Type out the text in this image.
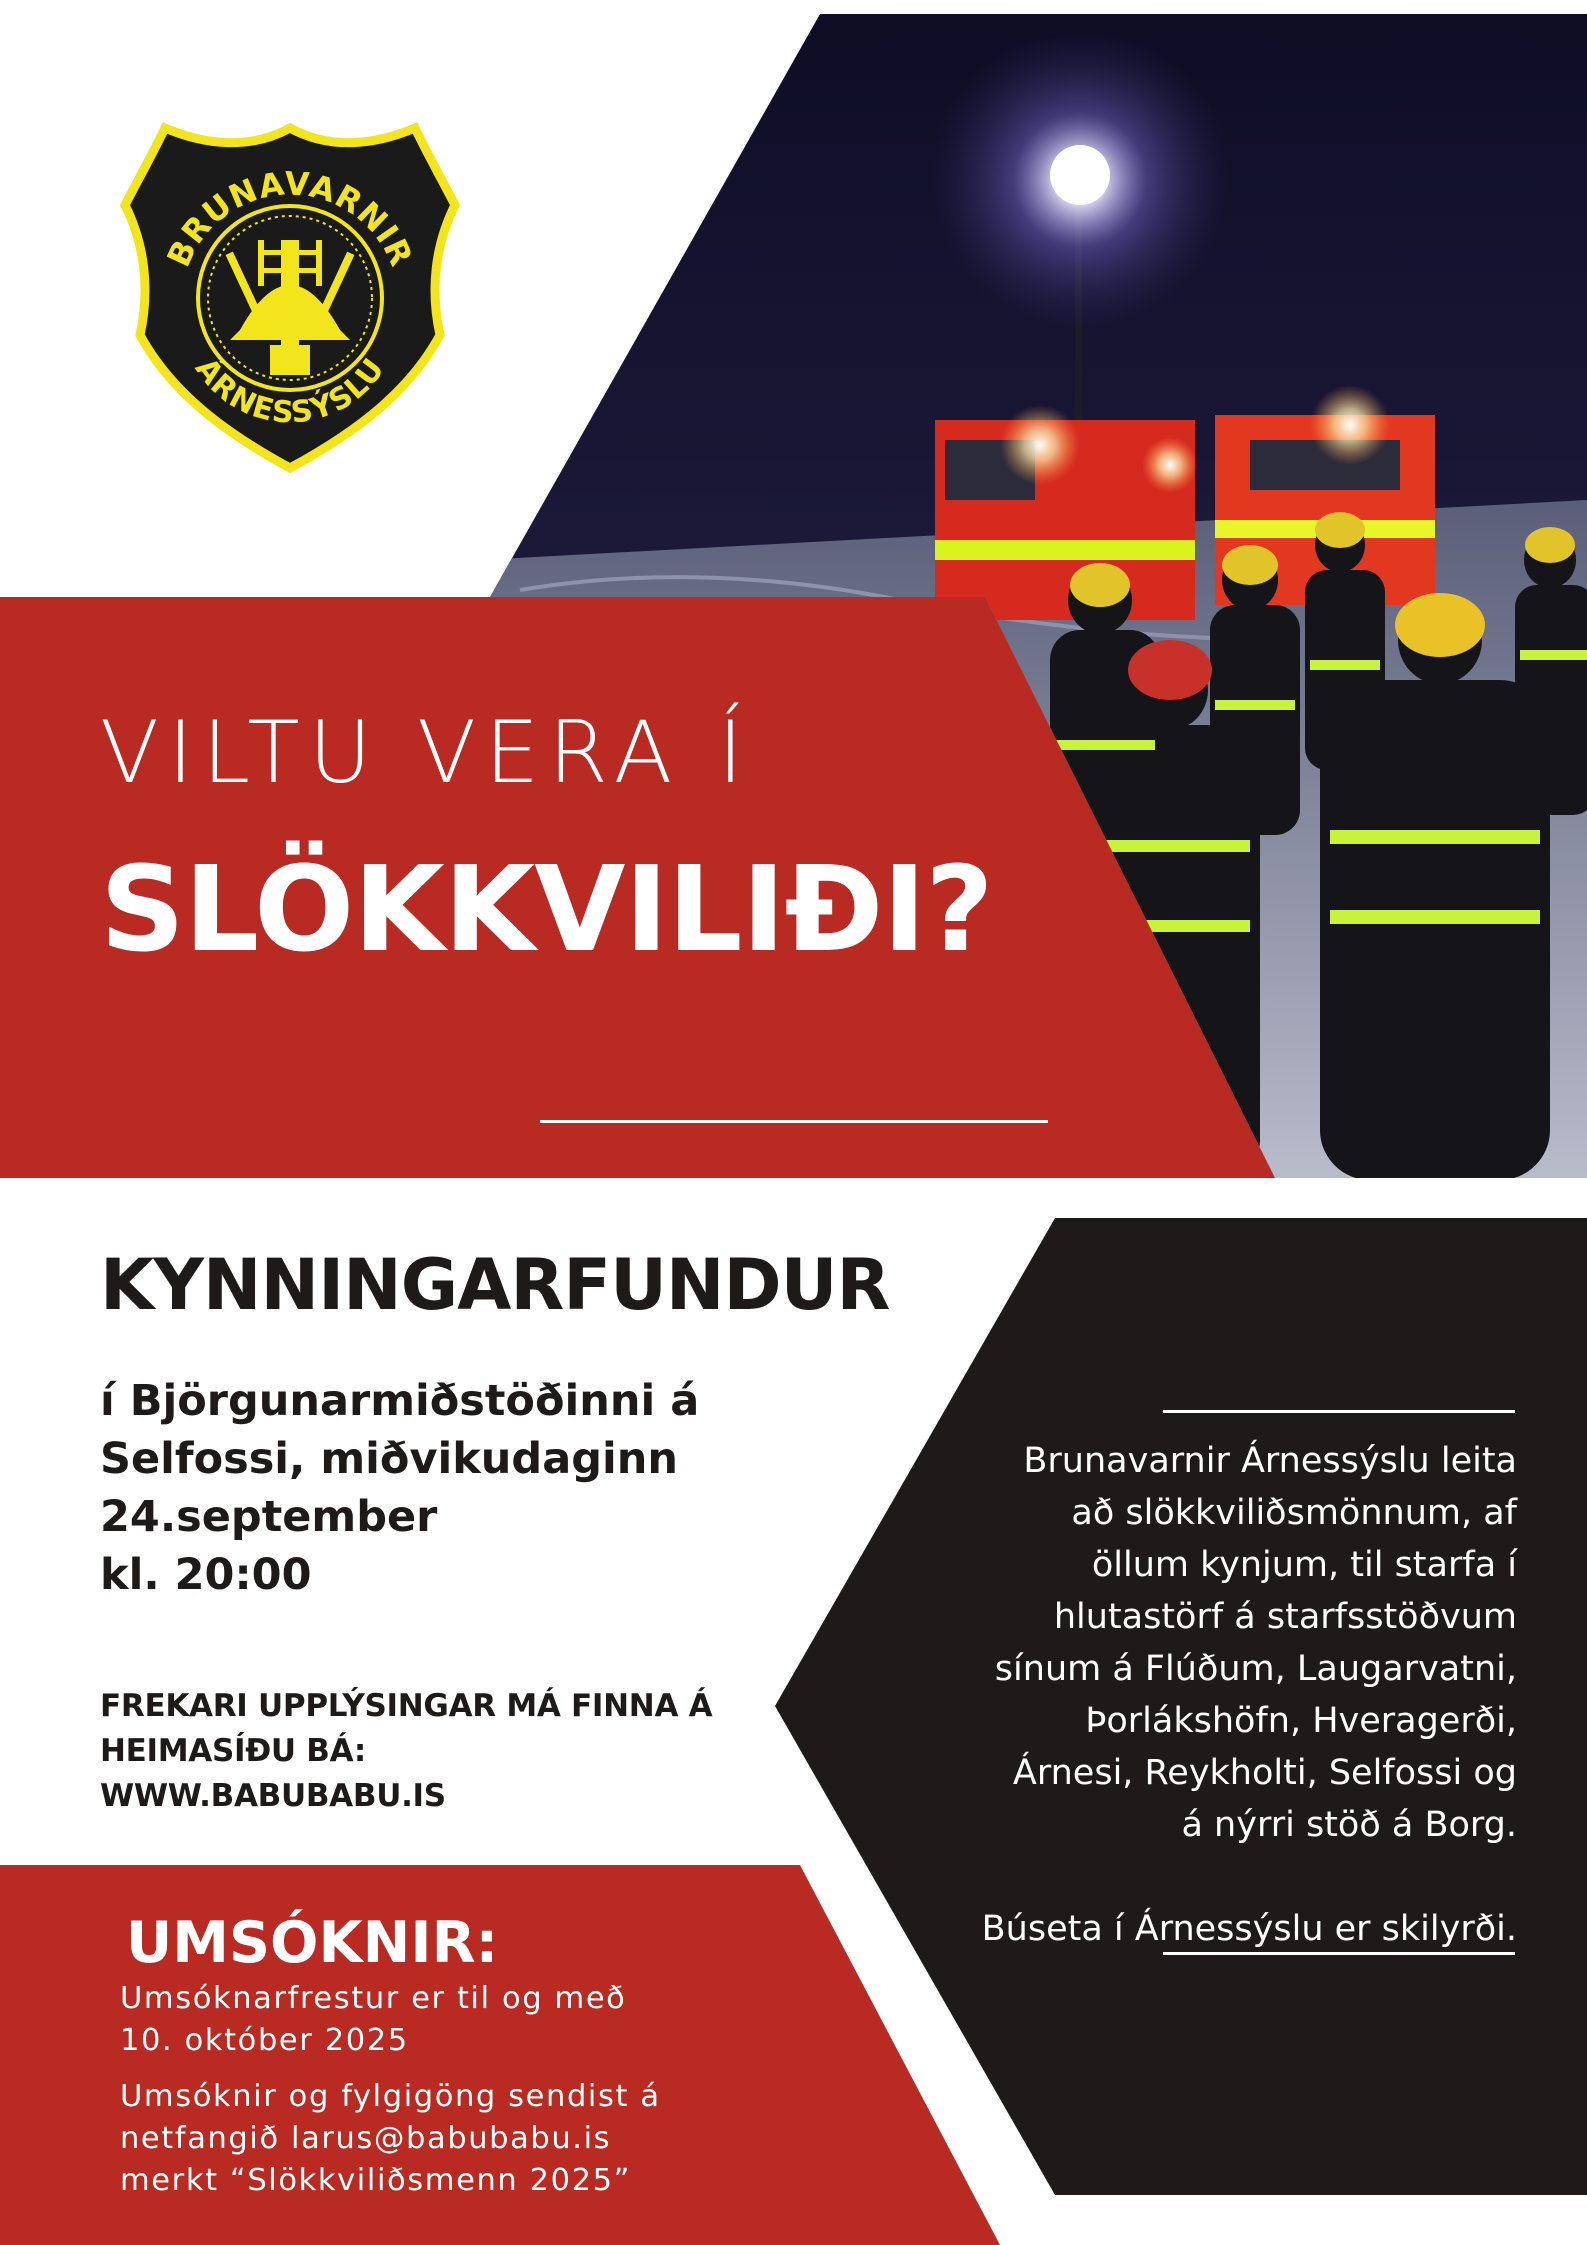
BRUNAVARNIR
ÁRNESSÝSLU
VILTU VERA Í
SLÖKKVILIÐI?
KYNNINGARFUNDUR
í Björgunarmiðstöðinni á
Selfossi, miðvikudaginn
24.september
kl. 20:00
FREKARI UPPLÝSINGAR MÁ FINNA Á
HEIMASÍÐU BÁ:
WWW.BABUBABU.IS
UMSÓKNIR:
Umsóknarfrestur er til og með
10. október 2025
Umsóknir og fylgigöng sendist á
netfangið larus@babubabu.is
merkt “Slökkviliðsmenn 2025”
Brunavarnir Árnessýslu leita
að slökkviliðsmönnum, af
öllum kynjum, til starfa í
hlutastörf á starfsstöðvum
sínum á Flúðum, Laugarvatni,
Þorlákshöfn, Hveragerði,
Árnesi, Reykholti, Selfossi og
á nýrri stöð á Borg.
Búseta í Árnessýslu er skilyrði.
